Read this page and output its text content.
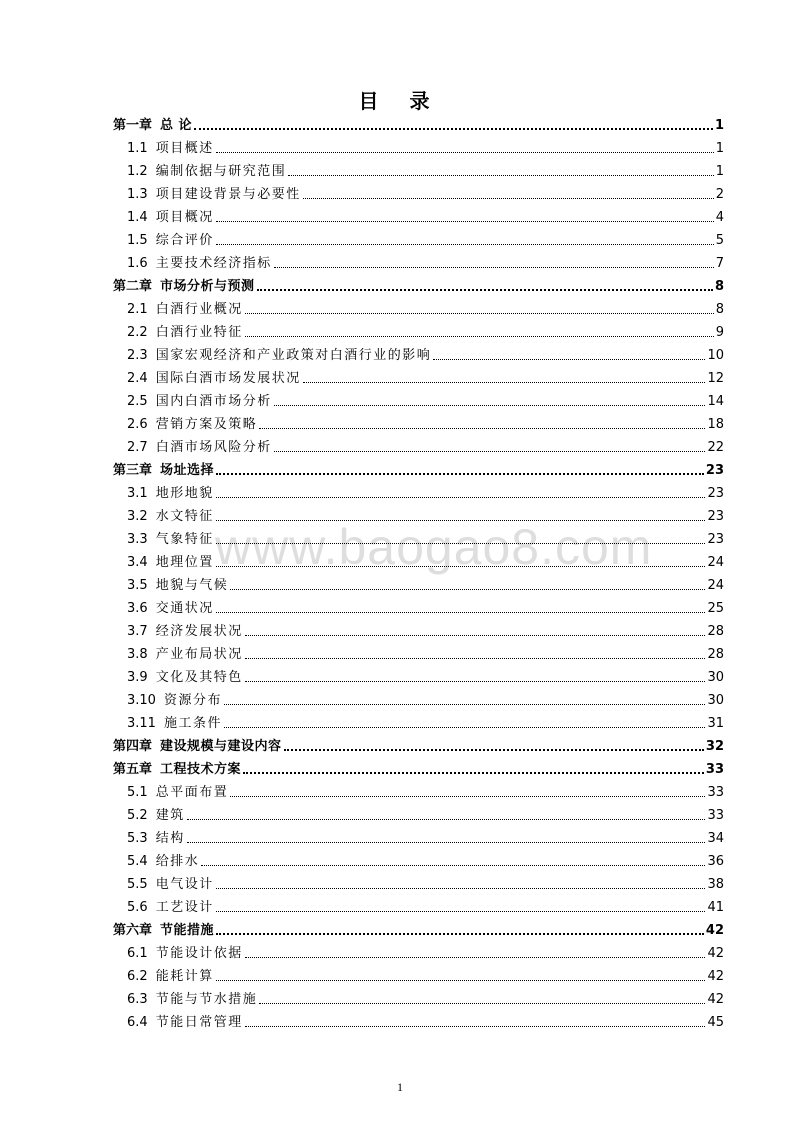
www.baogao8.com
目 录
第一章 总 论	1
1.1 项目概述	1
1.2 编制依据与研究范围	1
1.3 项目建设背景与必要性	2
1.4 项目概况	4
1.5 综合评价	5
1.6 主要技术经济指标	7
第二章 市场分析与预测	8
2.1 白酒行业概况	8
2.2 白酒行业特征	9
2.3 国家宏观经济和产业政策对白酒行业的影响	10
2.4 国际白酒市场发展状况	12
2.5 国内白酒市场分析	14
2.6 营销方案及策略	18
2.7 白酒市场风险分析	22
第三章 场址选择	23
3.1 地形地貌	23
3.2 水文特征	23
3.3 气象特征	23
3.4 地理位置	24
3.5 地貌与气候	24
3.6 交通状况	25
3.7 经济发展状况	28
3.8 产业布局状况	28
3.9 文化及其特色	30
3.10 资源分布	30
3.11 施工条件	31
第四章 建设规模与建设内容	32
第五章 工程技术方案	33
5.1 总平面布置	33
5.2 建筑	33
5.3 结构	34
5.4 给排水	36
5.5 电气设计	38
5.6 工艺设计	41
第六章 节能措施	42
6.1 节能设计依据	42
6.2 能耗计算	42
6.3 节能与节水措施	42
6.4 节能日常管理	45
1
